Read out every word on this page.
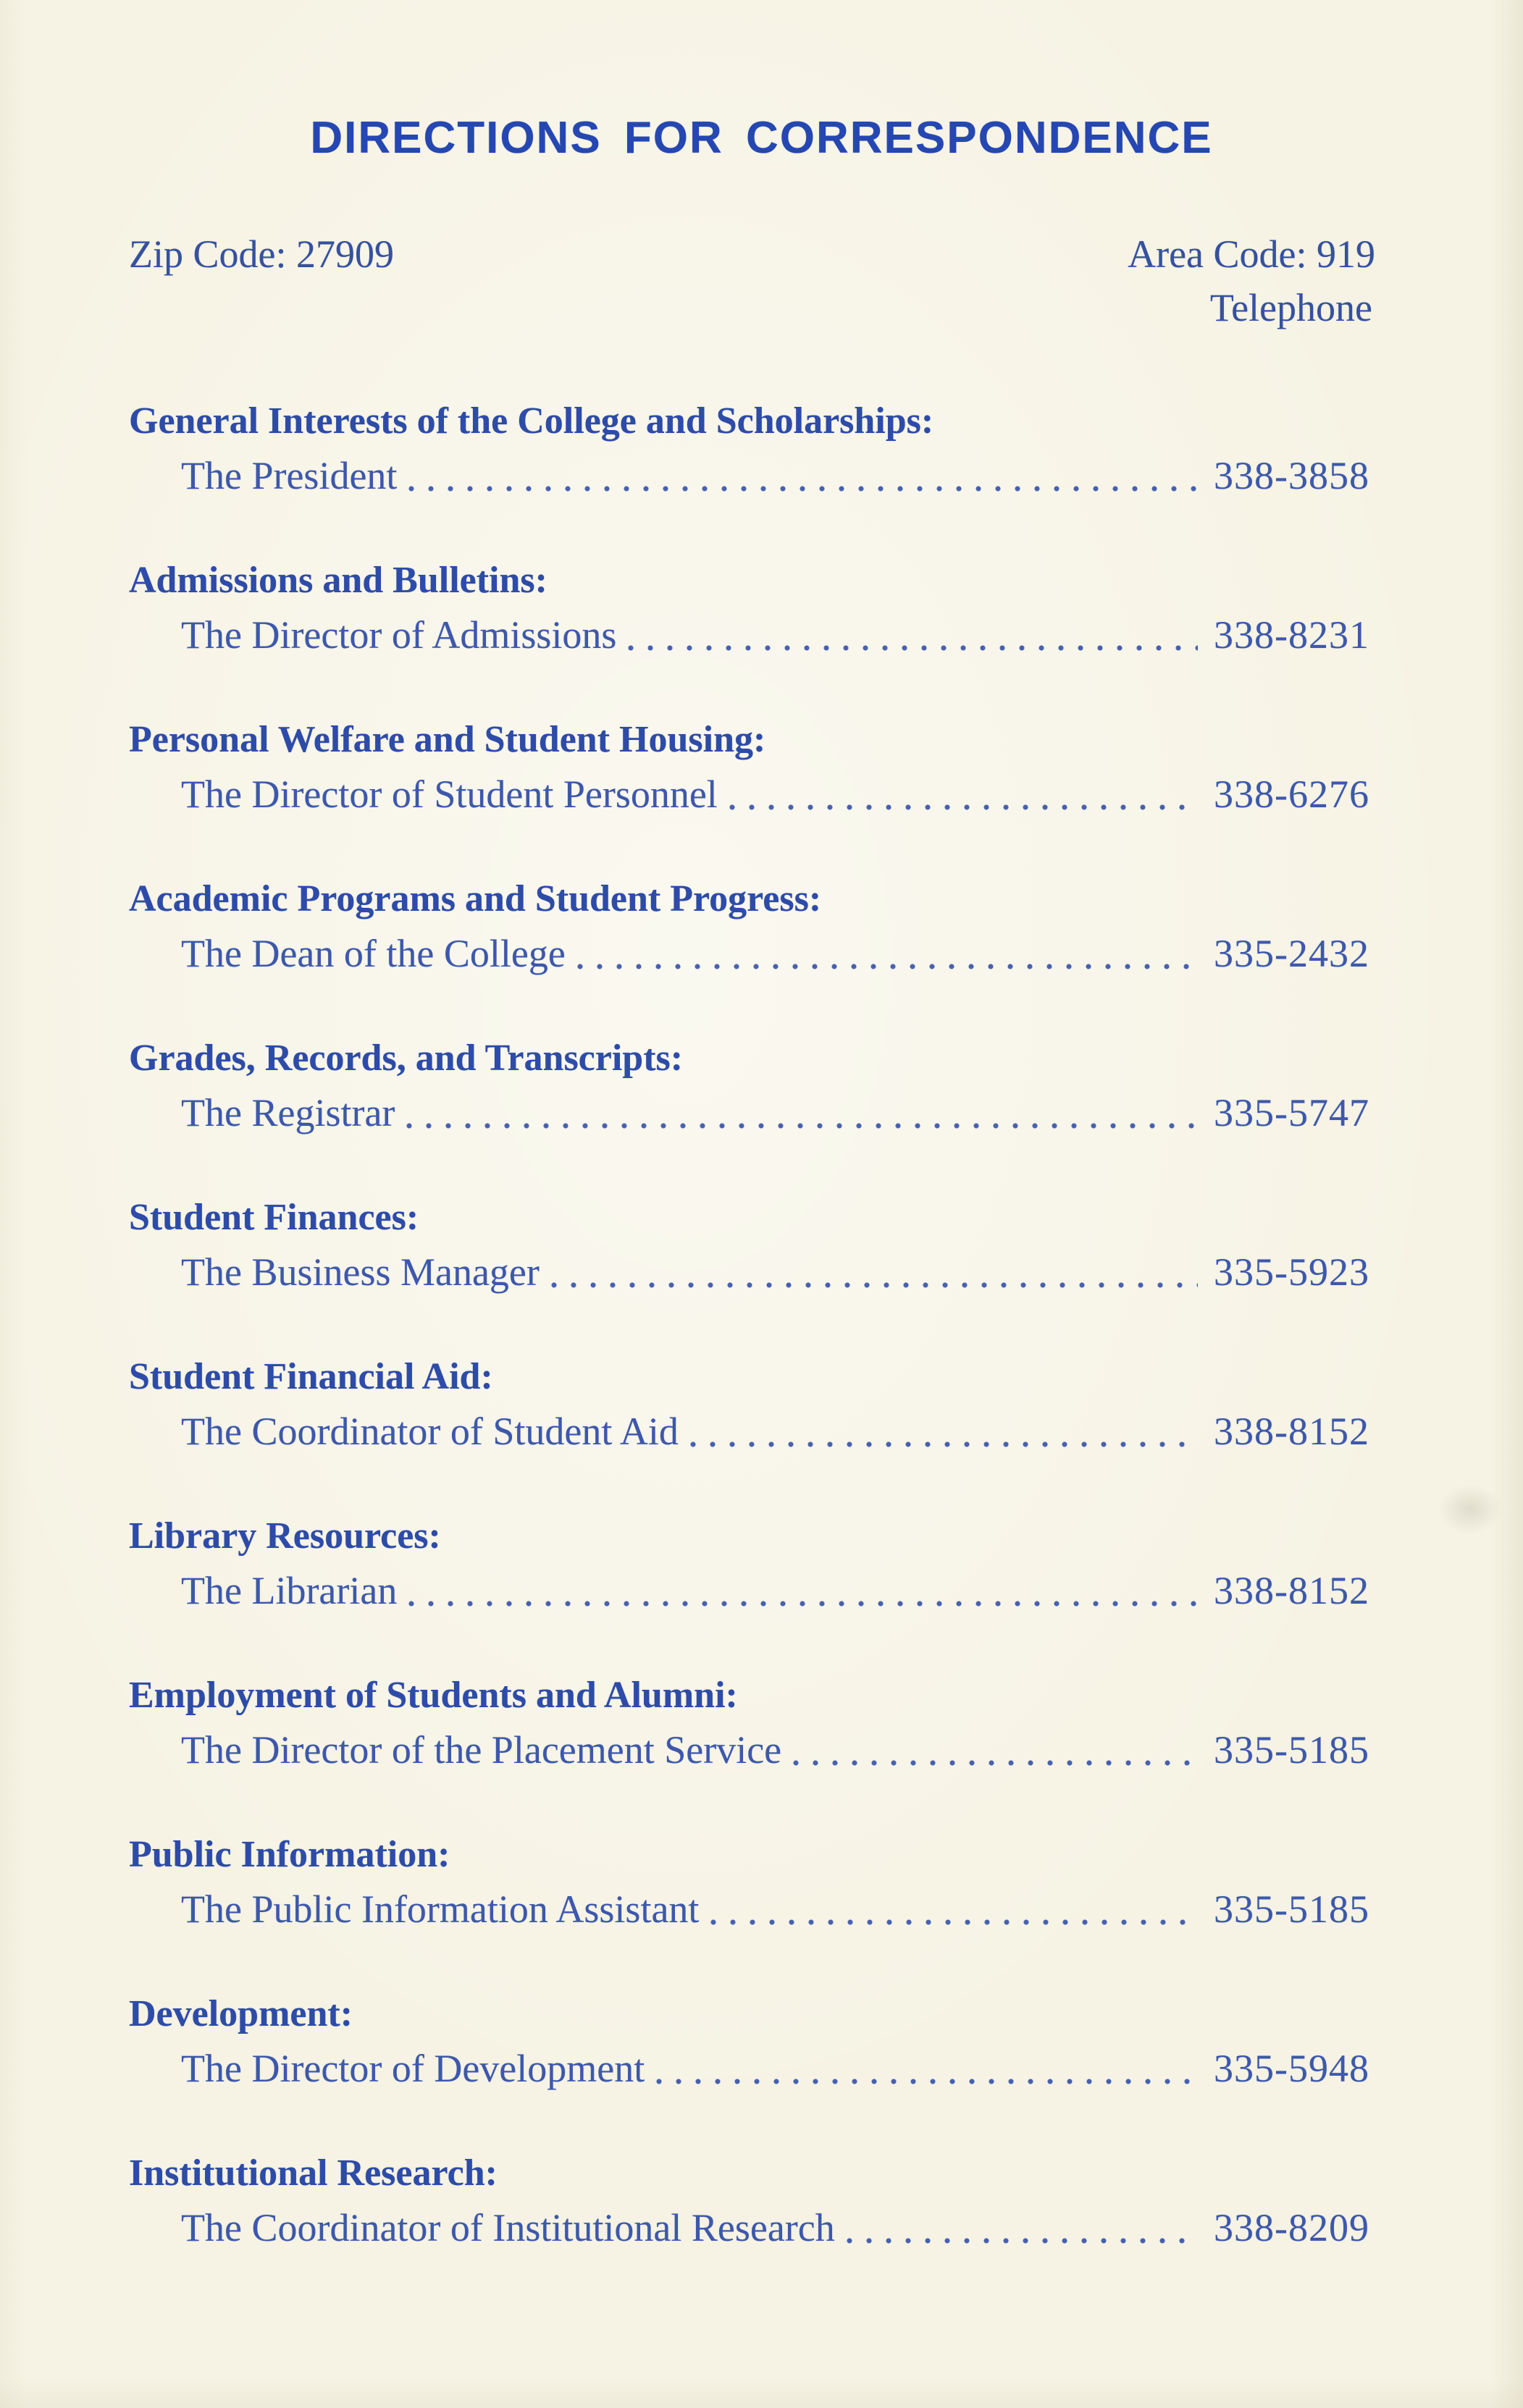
DIRECTIONS FOR CORRESPONDENCE
Zip Code: 27909	Area Code: 919
Telephone
General Interests of the College and Scholarships:
The President	338-3858
Admissions and Bulletins:
The Director of Admissions	338-8231
Personal Welfare and Student Housing:
The Director of Student Personnel	338-6276
Academic Programs and Student Progress:
The Dean of the College	335-2432
Grades, Records, and Transcripts:
The Registrar	335-5747
Student Finances:
The Business Manager	335-5923
Student Financial Aid:
The Coordinator of Student Aid	338-8152
Library Resources:
The Librarian	338-8152
Employment of Students and Alumni:
The Director of the Placement Service	335-5185
Public Information:
The Public Information Assistant	335-5185
Development:
The Director of Development	335-5948
Institutional Research:
The Coordinator of Institutional Research	338-8209
